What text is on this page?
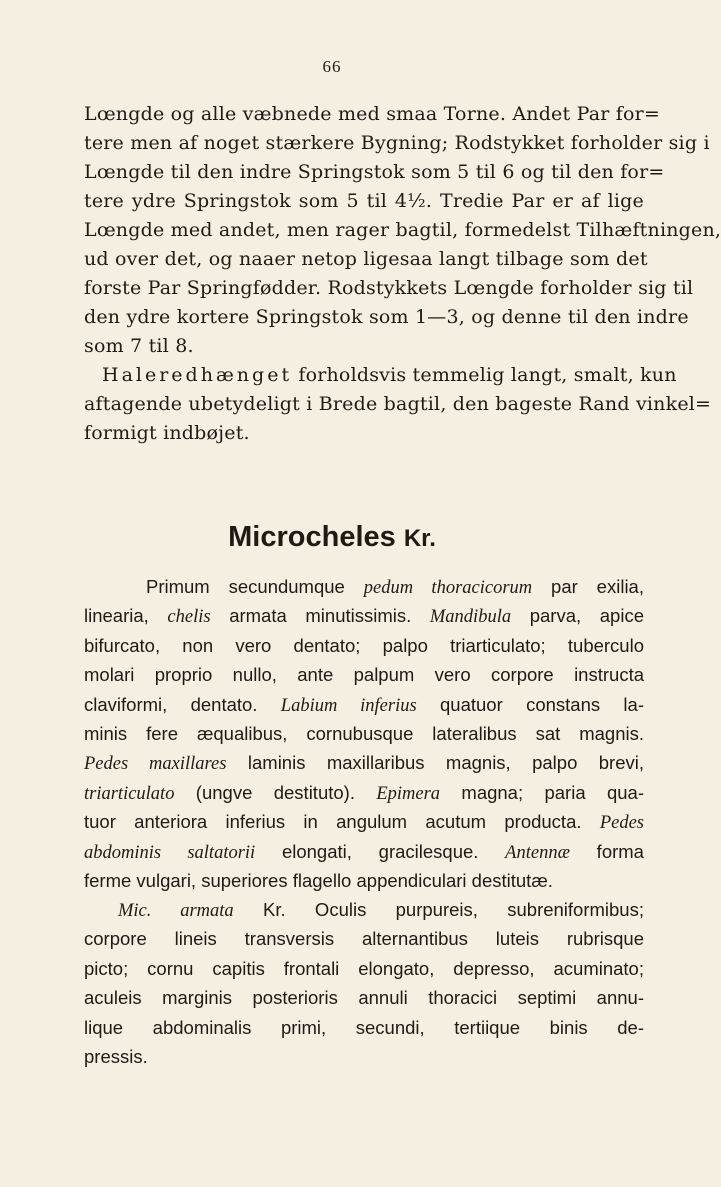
66
Lœngde og alle væbnede med smaa Torne. Andet Par for=
tere men af noget stærkere Bygning; Rodstykket forholder sig i
Lœngde til den indre Springstok som 5 til 6 og til den for=
tere ydre Springstok som 5 til 4½. Tredie Par er af lige
Lœngde med andet, men rager bagtil, formedelst Tilhæftningen,
ud over det, og naaer netop ligesaa langt tilbage som det
forste Par Springfødder. Rodstykkets Lœngde forholder sig til
den ydre kortere Springstok som 1—3, og denne til den indre
som 7 til 8.
Haleredhænget forholdsvis temmelig langt, smalt, kun
aftagende ubetydeligt i Brede bagtil, den bageste Rand vinkel=
formigt indbøjet.
Microcheles Kr.
Primum secundumque pedum thoracicorum par exilia,
linearia, chelis armata minutissimis. Mandibula parva, apice
bifurcato, non vero dentato; palpo triarticulato; tuberculo
molari proprio nullo, ante palpum vero corpore instructa
claviformi, dentato. Labium inferius quatuor constans la-
minis fere æqualibus, cornubusque lateralibus sat magnis.
Pedes maxillares laminis maxillaribus magnis, palpo brevi,
triarticulato (ungve destituto). Epimera magna; paria qua-
tuor anteriora inferius in angulum acutum producta. Pedes
abdominis saltatorii elongati, gracilesque. Antennæ forma
ferme vulgari, superiores flagello appendiculari destitutæ.
Mic. armata Kr. Oculis purpureis, subreniformibus;
corpore lineis transversis alternantibus luteis rubrisque
picto; cornu capitis frontali elongato, depresso, acuminato;
aculeis marginis posterioris annuli thoracici septimi annu-
lique abdominalis primi, secundi, tertiique binis de-
pressis.
